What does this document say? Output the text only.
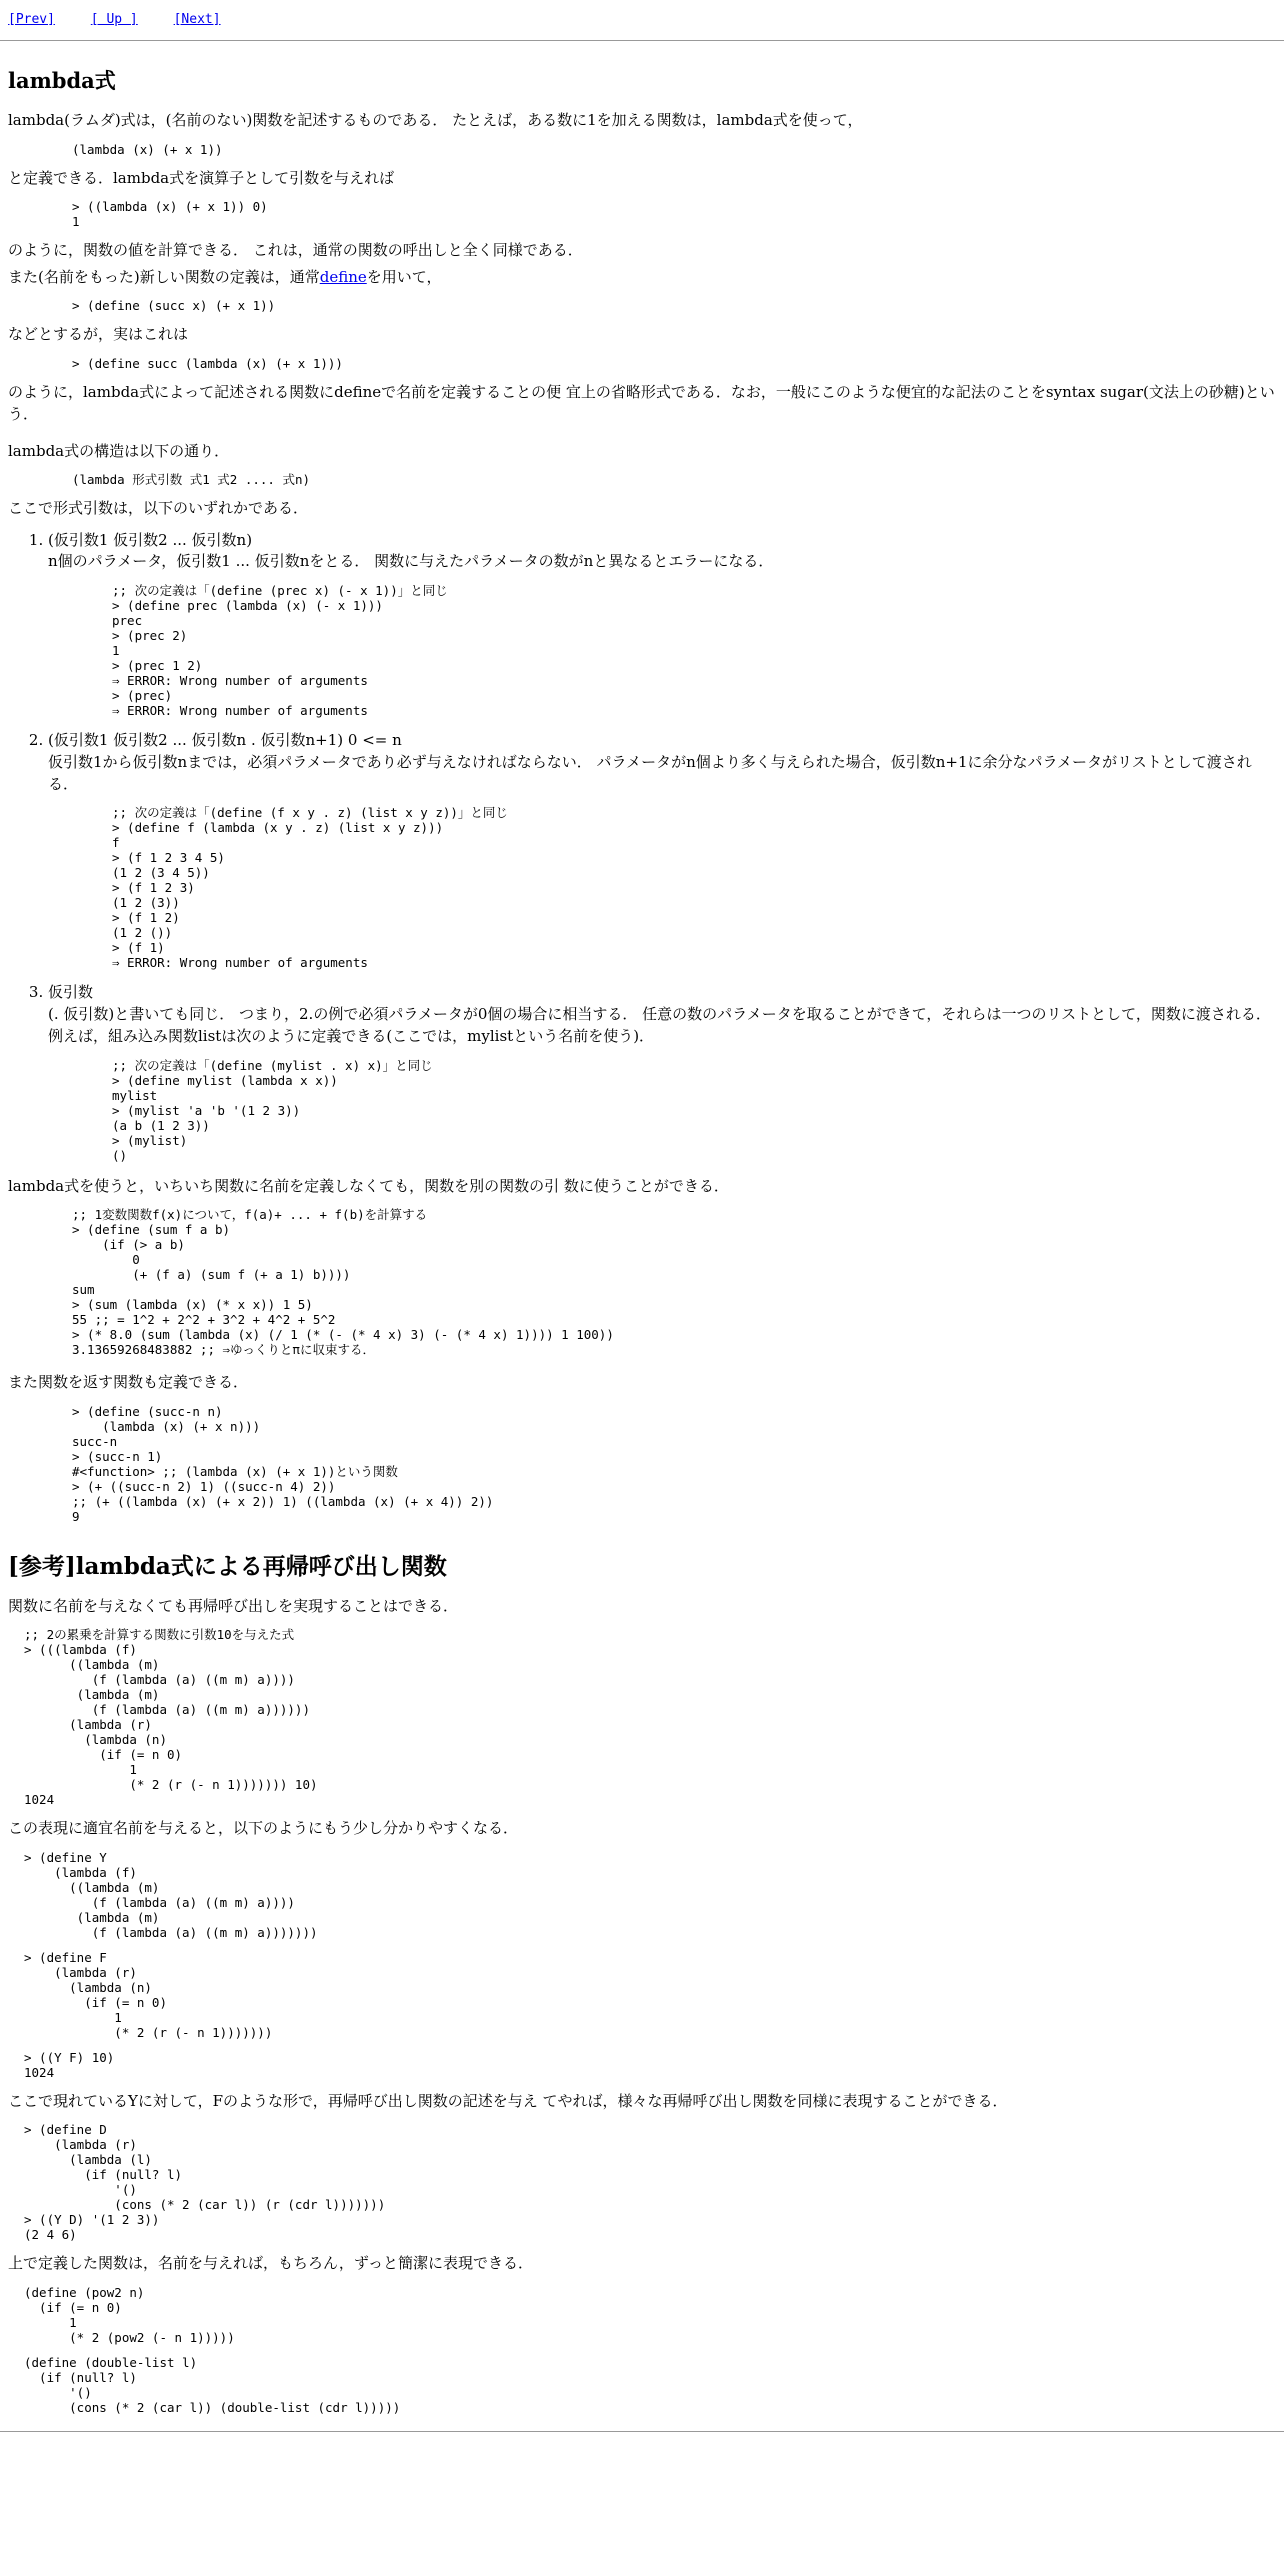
[Prev]	[ Up ]	[Next]
lambda式

lambda(ラムダ)式は，(名前のない)関数を記述するものである． たとえば，ある数に1を加える関数は，lambda式を使って，

(lambda (x) (+ x 1))

と定義できる．lambda式を演算子として引数を与えれば

> ((lambda (x) (+ x 1)) 0)
1

のように，関数の値を計算できる． これは，通常の関数の呼出しと全く同様である．

また(名前をもった)新しい関数の定義は，通常defineを用いて，

> (define (succ x) (+ x 1))

などとするが，実はこれは

> (define succ (lambda (x) (+ x 1)))

のように，lambda式によって記述される関数にdefineで名前を定義することの便 宜上の省略形式である．なお，一般にこのような便宜的な記法のことをsyntax sugar(文法上の砂糖)という．

lambda式の構造は以下の通り．

(lambda 形式引数 式1 式2 .... 式n)

ここで形式引数は，以下のいずれかである．

1. (仮引数1 仮引数2 ... 仮引数n)
n個のパラメータ，仮引数1 ... 仮引数nをとる． 関数に与えたパラメータの数がnと異なるとエラーになる．
;; 次の定義は「(define (prec x) (- x 1))」と同じ
> (define prec (lambda (x) (- x 1)))
prec
> (prec 2)
1
> (prec 1 2)
⇒ ERROR: Wrong number of arguments
> (prec)
⇒ ERROR: Wrong number of arguments
2. (仮引数1 仮引数2 ... 仮引数n . 仮引数n+1) 0 <= n
仮引数1から仮引数nまでは，必須パラメータであり必ず与えなければならない． パラメータがn個より多く与えられた場合，仮引数n+1に余分なパラメータがリストとして渡される．
;; 次の定義は「(define (f x y . z) (list x y z))」と同じ
> (define f (lambda (x y . z) (list x y z)))
f
> (f 1 2 3 4 5)
(1 2 (3 4 5))
> (f 1 2 3)
(1 2 (3))
> (f 1 2)
(1 2 ())
> (f 1)
⇒ ERROR: Wrong number of arguments
3. 仮引数
(. 仮引数)と書いても同じ． つまり，2.の例で必須パラメータが0個の場合に相当する． 任意の数のパラメータを取ることができて，それらは一つのリストとして，関数に渡される． 例えば，組み込み関数listは次のように定義できる(ここでは，mylistという名前を使う)．
;; 次の定義は「(define (mylist . x) x)」と同じ
> (define mylist (lambda x x))
mylist
> (mylist 'a 'b '(1 2 3))
(a b (1 2 3))
> (mylist)
()

lambda式を使うと，いちいち関数に名前を定義しなくても，関数を別の関数の引 数に使うことができる．

;; 1変数関数f(x)について，f(a)+ ... + f(b)を計算する
> (define (sum f a b)
(if (> a b)
0
(+ (f a) (sum f (+ a 1) b))))
sum
> (sum (lambda (x) (* x x)) 1 5)
55 ;; = 1^2 + 2^2 + 3^2 + 4^2 + 5^2
> (* 8.0 (sum (lambda (x) (/ 1 (* (- (* 4 x) 3) (- (* 4 x) 1)))) 1 100))
3.13659268483882 ;; ⇒ゆっくりとπに収束する．

また関数を返す関数も定義できる．

> (define (succ-n n)
(lambda (x) (+ x n)))
succ-n
> (succ-n 1)
#<function> ;; (lambda (x) (+ x 1))という関数
> (+ ((succ-n 2) 1) ((succ-n 4) 2))
;; (+ ((lambda (x) (+ x 2)) 1) ((lambda (x) (+ x 4)) 2))
9
[参考]lambda式による再帰呼び出し関数

関数に名前を与えなくても再帰呼び出しを実現することはできる．

;; 2の累乗を計算する関数に引数10を与えた式
> (((lambda (f)
((lambda (m)
(f (lambda (a) ((m m) a))))
(lambda (m)
(f (lambda (a) ((m m) a))))))
(lambda (r)
(lambda (n)
(if (= n 0)
1
(* 2 (r (- n 1))))))) 10)
1024

この表現に適宜名前を与えると，以下のようにもう少し分かりやすくなる．

> (define Y
(lambda (f)
((lambda (m)
(f (lambda (a) ((m m) a))))
(lambda (m)
(f (lambda (a) ((m m) a)))))))
> (define F
(lambda (r)
(lambda (n)
(if (= n 0)
1
(* 2 (r (- n 1)))))))
> ((Y F) 10)
1024

ここで現れているYに対して，Fのような形で，再帰呼び出し関数の記述を与え てやれば，様々な再帰呼び出し関数を同様に表現することができる．

> (define D
(lambda (r)
(lambda (l)
(if (null? l)
'()
(cons (* 2 (car l)) (r (cdr l)))))))
> ((Y D) '(1 2 3))
(2 4 6)

上で定義した関数は，名前を与えれば，もちろん，ずっと簡潔に表現できる．

(define (pow2 n)
(if (= n 0)
1
(* 2 (pow2 (- n 1)))))
(define (double-list l)
(if (null? l)
'()
(cons (* 2 (car l)) (double-list (cdr l)))))
